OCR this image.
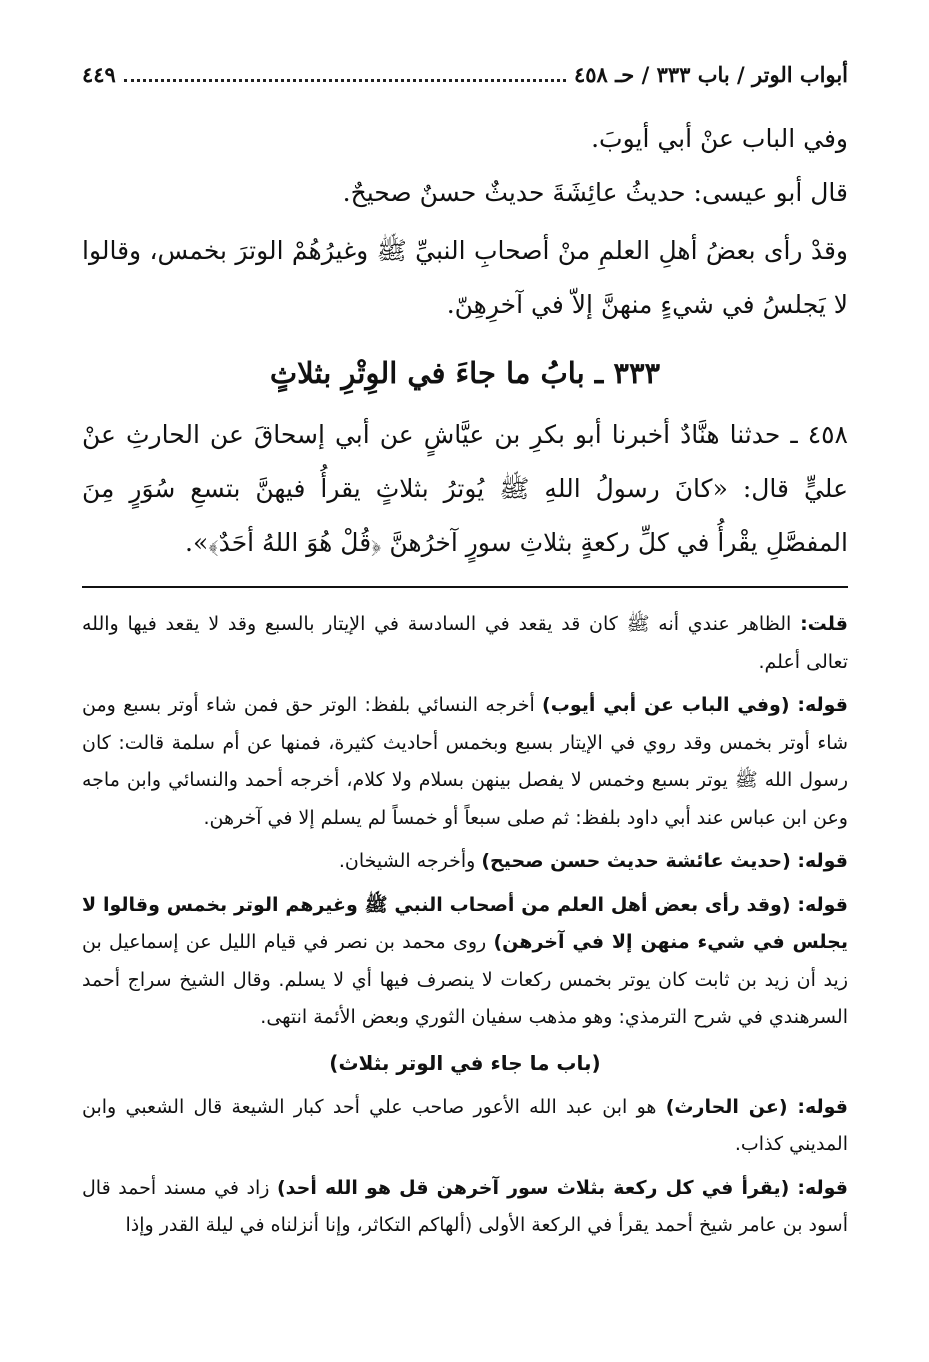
أبواب الوتر / باب ٣٣٣ / حـ ٤٥٨
٤٤٩

وفي الباب عنْ أبي أيوبَ.

قال أبو عيسى: حديثُ عائِشَةَ حديثٌ حسنٌ صحيحٌ.

وقدْ رأى بعضُ أهلِ العلمِ منْ أصحابِ النبيِّ ﷺ وغيرُهُمْ الوترَ بخمس، وقالوا لا يَجلسُ في شيءٍ منهنَّ إلاّ في آخرِهِنّ.

٣٣٣ ـ بابُ ما جاءَ في الوِتْرِ بثلاثٍ

٤٥٨ ـ حدثنا هنَّادٌ أخبرنا أبو بكرِ بن عيَّاشٍ عن أبي إسحاقَ عن الحارثِ عنْ عليٍّ قال: «كانَ رسولُ اللهِ ﷺ يُوترُ بثلاثٍ يقرأُ فيهنَّ بتسعِ سُوَرٍ مِنَ المفصَّلِ يقْرأُ في كلِّ ركعةٍ بثلاثِ سورٍ آخرُهنَّ ﴿قُلْ هُوَ اللهُ أحَدٌ﴾».

قلت: الظاهر عندي أنه ﷺ كان قد يقعد في السادسة في الإيتار بالسبع وقد لا يقعد فيها والله تعالى أعلم.

قوله: (وفي الباب عن أبي أيوب) أخرجه النسائي بلفظ: الوتر حق فمن شاء أوتر بسبع ومن شاء أوتر بخمس وقد روي في الإيتار بسبع وبخمس أحاديث كثيرة، فمنها عن أم سلمة قالت: كان رسول الله ﷺ يوتر بسبع وخمس لا يفصل بينهن بسلام ولا كلام، أخرجه أحمد والنسائي وابن ماجه وعن ابن عباس عند أبي داود بلفظ: ثم صلى سبعاً أو خمساً لم يسلم إلا في آخرهن.

قوله: (حديث عائشة حديث حسن صحيح) وأخرجه الشيخان.

قوله: (وقد رأى بعض أهل العلم من أصحاب النبي ﷺ وغيرهم الوتر بخمس وقالوا لا يجلس في شيء منهن إلا في آخرهن) روى محمد بن نصر في قيام الليل عن إسماعيل بن زيد أن زيد بن ثابت كان يوتر بخمس ركعات لا ينصرف فيها أي لا يسلم. وقال الشيخ سراج أحمد السرهندي في شرح الترمذي: وهو مذهب سفيان الثوري وبعض الأئمة انتهى.

(باب ما جاء في الوتر بثلاث)

قوله: (عن الحارث) هو ابن عبد الله الأعور صاحب علي أحد كبار الشيعة قال الشعبي وابن المديني كذاب.

قوله: (يقرأ في كل ركعة بثلاث سور آخرهن قل هو الله أحد) زاد في مسند أحمد قال أسود بن عامر شيخ أحمد يقرأ في الركعة الأولى (ألهاكم التكاثر، وإنا أنزلناه في ليلة القدر وإذا
